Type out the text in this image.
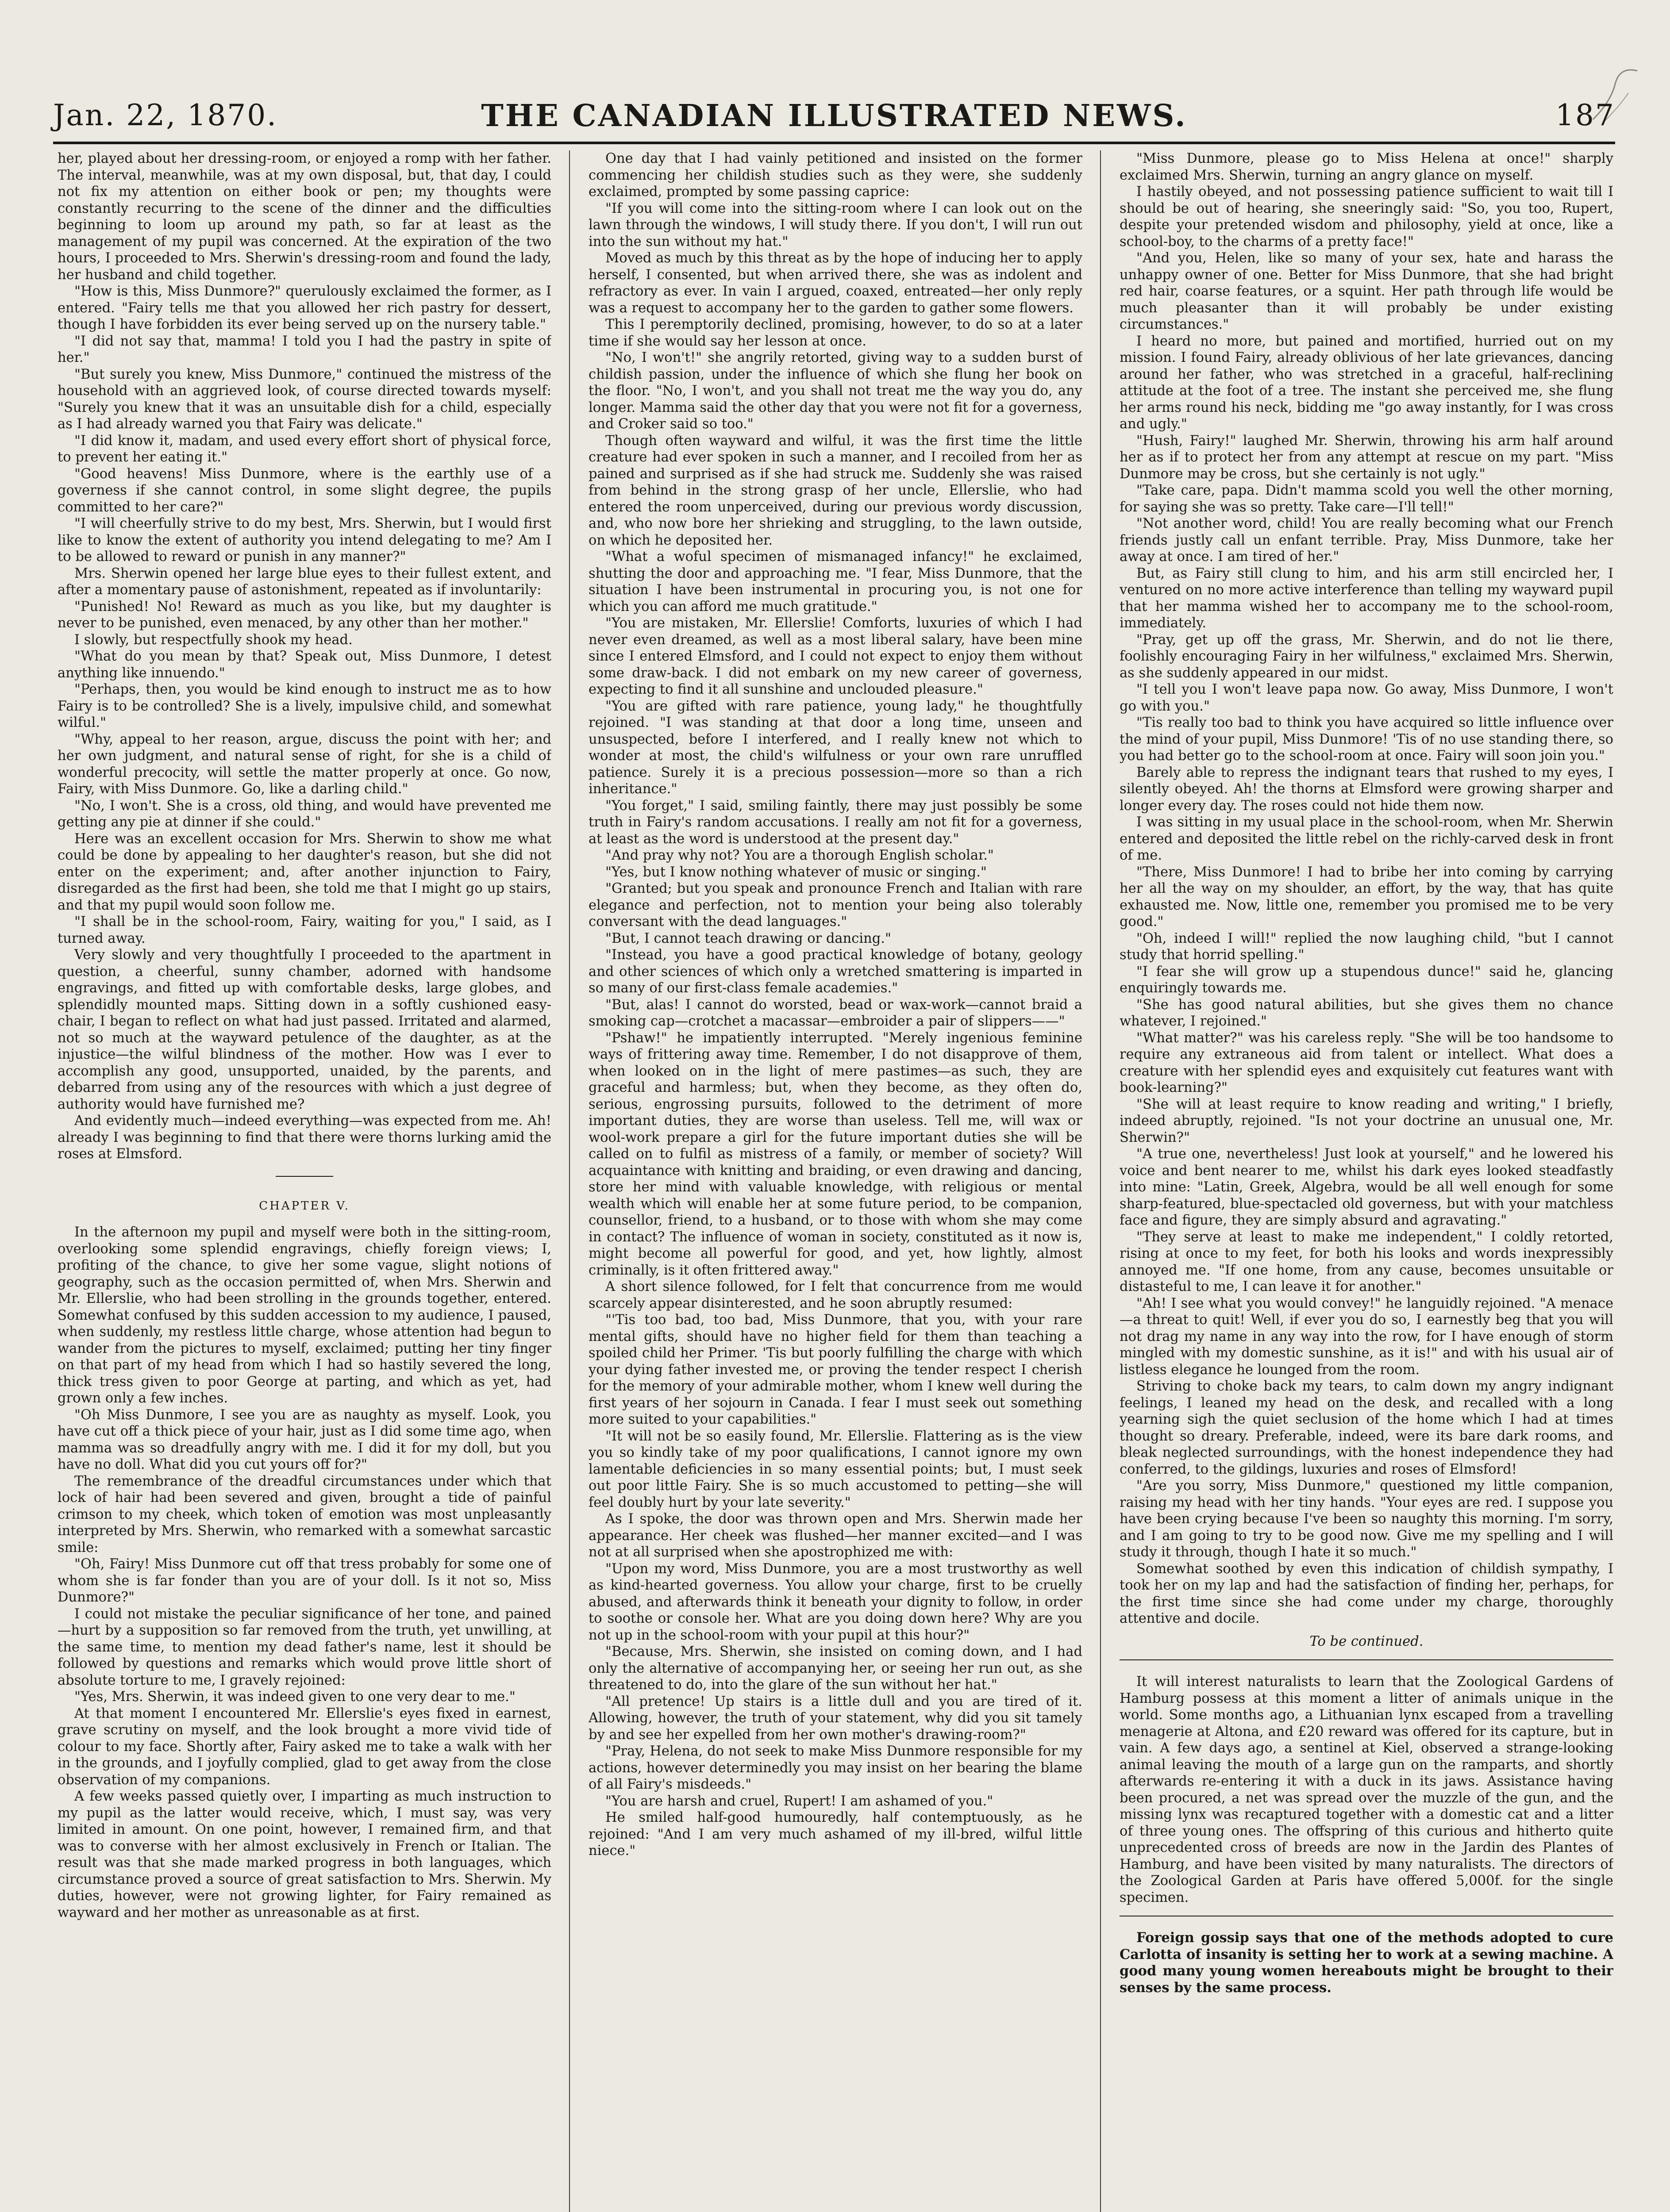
Jan. 22, 1870.	THE CANADIAN ILLUSTRATED NEWS.	187

her, played about her dressing-room, or enjoyed a romp with her father. The interval, meanwhile, was at my own disposal, but, that day, I could not fix my attention on either book or pen; my thoughts were constantly recurring to the scene of the dinner and the difficulties beginning to loom up around my path, so far at least as the management of my pupil was concerned. At the expiration of the two hours, I proceeded to Mrs. Sherwin's dressing-room and found the lady, her husband and child together.

"How is this, Miss Dunmore?" querulously exclaimed the former, as I entered. "Fairy tells me that you allowed her rich pastry for dessert, though I have forbidden its ever being served up on the nursery table."

"I did not say that, mamma! I told you I had the pastry in spite of her."

"But surely you knew, Miss Dunmore," continued the mistress of the household with an aggrieved look, of course directed towards myself: "Surely you knew that it was an unsuitable dish for a child, especially as I had already warned you that Fairy was delicate."

"I did know it, madam, and used every effort short of physical force, to prevent her eating it."

"Good heavens! Miss Dunmore, where is the earthly use of a governess if she cannot control, in some slight degree, the pupils committed to her care?"

"I will cheerfully strive to do my best, Mrs. Sherwin, but I would first like to know the extent of authority you intend delegating to me? Am I to be allowed to reward or punish in any manner?"

Mrs. Sherwin opened her large blue eyes to their fullest extent, and after a momentary pause of astonishment, repeated as if involuntarily:

"Punished! No! Reward as much as you like, but my daughter is never to be punished, even menaced, by any other than her mother."

I slowly, but respectfully shook my head.

"What do you mean by that? Speak out, Miss Dunmore, I detest anything like innuendo."

"Perhaps, then, you would be kind enough to instruct me as to how Fairy is to be controlled? She is a lively, impulsive child, and somewhat wilful."

"Why, appeal to her reason, argue, discuss the point with her; and her own judgment, and natural sense of right, for she is a child of wonderful precocity, will settle the matter properly at once. Go now, Fairy, with Miss Dunmore. Go, like a darling child."

"No, I won't. She is a cross, old thing, and would have prevented me getting any pie at dinner if she could."

Here was an excellent occasion for Mrs. Sherwin to show me what could be done by appealing to her daughter's reason, but she did not enter on the experiment; and, after another injunction to Fairy, disregarded as the first had been, she told me that I might go up stairs, and that my pupil would soon follow me.

"I shall be in the school-room, Fairy, waiting for you," I said, as I turned away.

Very slowly and very thoughtfully I proceeded to the apartment in question, a cheerful, sunny chamber, adorned with handsome engravings, and fitted up with comfortable desks, large globes, and splendidly mounted maps. Sitting down in a softly cushioned easy-chair, I began to reflect on what had just passed. Irritated and alarmed, not so much at the wayward petulence of the daughter, as at the injustice—the wilful blindness of the mother. How was I ever to accomplish any good, unsupported, unaided, by the parents, and debarred from using any of the resources with which a just degree of authority would have furnished me?

And evidently much—indeed everything—was expected from me. Ah! already I was beginning to find that there were thorns lurking amid the roses at Elmsford.

CHAPTER V.

In the afternoon my pupil and myself were both in the sitting-room, overlooking some splendid engravings, chiefly foreign views; I, profiting of the chance, to give her some vague, slight notions of geography, such as the occasion permitted of, when Mrs. Sherwin and Mr. Ellerslie, who had been strolling in the grounds together, entered. Somewhat confused by this sudden accession to my audience, I paused, when suddenly, my restless little charge, whose attention had begun to wander from the pictures to myself, exclaimed; putting her tiny finger on that part of my head from which I had so hastily severed the long, thick tress given to poor George at parting, and which as yet, had grown only a few inches.

"Oh Miss Dunmore, I see you are as naughty as myself. Look, you have cut off a thick piece of your hair, just as I did some time ago, when mamma was so dreadfully angry with me. I did it for my doll, but you have no doll. What did you cut yours off for?"

The remembrance of the dreadful circumstances under which that lock of hair had been severed and given, brought a tide of painful crimson to my cheek, which token of emotion was most unpleasantly interpreted by Mrs. Sherwin, who remarked with a somewhat sarcastic smile:

"Oh, Fairy! Miss Dunmore cut off that tress probably for some one of whom she is far fonder than you are of your doll. Is it not so, Miss Dunmore?"

I could not mistake the peculiar significance of her tone, and pained—hurt by a supposition so far removed from the truth, yet unwilling, at the same time, to mention my dead father's name, lest it should be followed by questions and remarks which would prove little short of absolute torture to me, I gravely rejoined:

"Yes, Mrs. Sherwin, it was indeed given to one very dear to me."

At that moment I encountered Mr. Ellerslie's eyes fixed in earnest, grave scrutiny on myself, and the look brought a more vivid tide of colour to my face. Shortly after, Fairy asked me to take a walk with her in the grounds, and I joyfully complied, glad to get away from the close observation of my companions.

A few weeks passed quietly over, I imparting as much instruction to my pupil as the latter would receive, which, I must say, was very limited in amount. On one point, however, I remained firm, and that was to converse with her almost exclusively in French or Italian. The result was that she made marked progress in both languages, which circumstance proved a source of great satisfaction to Mrs. Sherwin. My duties, however, were not growing lighter, for Fairy remained as wayward and her mother as unreasonable as at first.

One day that I had vainly petitioned and insisted on the former commencing her childish studies such as they were, she suddenly exclaimed, prompted by some passing caprice:

"If you will come into the sitting-room where I can look out on the lawn through the windows, I will study there. If you don't, I will run out into the sun without my hat."

Moved as much by this threat as by the hope of inducing her to apply herself, I consented, but when arrived there, she was as indolent and refractory as ever. In vain I argued, coaxed, entreated—her only reply was a request to accompany her to the garden to gather some flowers.

This I peremptorily declined, promising, however, to do so at a later time if she would say her lesson at once.

"No, I won't!" she angrily retorted, giving way to a sudden burst of childish passion, under the influence of which she flung her book on the floor. "No, I won't, and you shall not treat me the way you do, any longer. Mamma said the other day that you were not fit for a governess, and Croker said so too."

Though often wayward and wilful, it was the first time the little creature had ever spoken in such a manner, and I recoiled from her as pained and surprised as if she had struck me. Suddenly she was raised from behind in the strong grasp of her uncle, Ellerslie, who had entered the room unperceived, during our previous wordy discussion, and, who now bore her shrieking and struggling, to the lawn outside, on which he deposited her.

"What a woful specimen of mismanaged infancy!" he exclaimed, shutting the door and approaching me. "I fear, Miss Dunmore, that the situation I have been instrumental in procuring you, is not one for which you can afford me much gratitude."

"You are mistaken, Mr. Ellerslie! Comforts, luxuries of which I had never even dreamed, as well as a most liberal salary, have been mine since I entered Elmsford, and I could not expect to enjoy them without some draw-back. I did not embark on my new career of governess, expecting to find it all sunshine and unclouded pleasure."

"You are gifted with rare patience, young lady," he thoughtfully rejoined. "I was standing at that door a long time, unseen and unsuspected, before I interfered, and I really knew not which to wonder at most, the child's wilfulness or your own rare unruffled patience. Surely it is a precious possession—more so than a rich inheritance."

"You forget," I said, smiling faintly, there may just possibly be some truth in Fairy's random accusations. I really am not fit for a governess, at least as the word is understood at the present day."

"And pray why not? You are a thorough English scholar."

"Yes, but I know nothing whatever of music or singing."

"Granted; but you speak and pronounce French and Italian with rare elegance and perfection, not to mention your being also tolerably conversant with the dead languages."

"But, I cannot teach drawing or dancing."

"Instead, you have a good practical knowledge of botany, geology and other sciences of which only a wretched smattering is imparted in so many of our first-class female academies."

"But, alas! I cannot do worsted, bead or wax-work—cannot braid a smoking cap—crotchet a macassar—embroider a pair of slippers——"

"Pshaw!" he impatiently interrupted. "Merely ingenious feminine ways of frittering away time. Remember, I do not disapprove of them, when looked on in the light of mere pastimes—as such, they are graceful and harmless; but, when they become, as they often do, serious, engrossing pursuits, followed to the detriment of more important duties, they are worse than useless. Tell me, will wax or wool-work prepare a girl for the future important duties she will be called on to fulfil as mistress of a family, or member of society? Will acquaintance with knitting and braiding, or even drawing and dancing, store her mind with valuable knowledge, with religious or mental wealth which will enable her at some future period, to be companion, counsellor, friend, to a husband, or to those with whom she may come in contact? The influence of woman in society, constituted as it now is, might become all powerful for good, and yet, how lightly, almost criminally, is it often frittered away."

A short silence followed, for I felt that concurrence from me would scarcely appear disinterested, and he soon abruptly resumed:

"'Tis too bad, too bad, Miss Dunmore, that you, with your rare mental gifts, should have no higher field for them than teaching a spoiled child her Primer. 'Tis but poorly fulfilling the charge with which your dying father invested me, or proving the tender respect I cherish for the memory of your admirable mother, whom I knew well during the first years of her sojourn in Canada. I fear I must seek out something more suited to your capabilities."

"It will not be so easily found, Mr. Ellerslie. Flattering as is the view you so kindly take of my poor qualifications, I cannot ignore my own lamentable deficiencies in so many essential points; but, I must seek out poor little Fairy. She is so much accustomed to petting—she will feel doubly hurt by your late severity."

As I spoke, the door was thrown open and Mrs. Sherwin made her appearance. Her cheek was flushed—her manner excited—and I was not at all surprised when she apostrophized me with:

"Upon my word, Miss Dunmore, you are a most trustworthy as well as kind-hearted governess. You allow your charge, first to be cruelly abused, and afterwards think it beneath your dignity to follow, in order to soothe or console her. What are you doing down here? Why are you not up in the school-room with your pupil at this hour?"

"Because, Mrs. Sherwin, she insisted on coming down, and I had only the alternative of accompanying her, or seeing her run out, as she threatened to do, into the glare of the sun without her hat."

"All pretence! Up stairs is a little dull and you are tired of it. Allowing, however, the truth of your statement, why did you sit tamely by and see her expelled from her own mother's drawing-room?"

"Pray, Helena, do not seek to make Miss Dunmore responsible for my actions, however determinedly you may insist on her bearing the blame of all Fairy's misdeeds."

"You are harsh and cruel, Rupert! I am ashamed of you."

He smiled half-good humouredly, half contemptuously, as he rejoined: "And I am very much ashamed of my ill-bred, wilful little niece."

"Miss Dunmore, please go to Miss Helena at once!" sharply exclaimed Mrs. Sherwin, turning an angry glance on myself.

I hastily obeyed, and not possessing patience sufficient to wait till I should be out of hearing, she sneeringly said: "So, you too, Rupert, despite your pretended wisdom and philosophy, yield at once, like a school-boy, to the charms of a pretty face!"

"And you, Helen, like so many of your sex, hate and harass the unhappy owner of one. Better for Miss Dunmore, that she had bright red hair, coarse features, or a squint. Her path through life would be much pleasanter than it will probably be under existing circumstances."

I heard no more, but pained and mortified, hurried out on my mission. I found Fairy, already oblivious of her late grievances, dancing around her father, who was stretched in a graceful, half-reclining attitude at the foot of a tree. The instant she perceived me, she flung her arms round his neck, bidding me "go away instantly, for I was cross and ugly."

"Hush, Fairy!" laughed Mr. Sherwin, throwing his arm half around her as if to protect her from any attempt at rescue on my part. "Miss Dunmore may be cross, but she certainly is not ugly."

"Take care, papa. Didn't mamma scold you well the other morning, for saying she was so pretty. Take care—I'll tell!"

"Not another word, child! You are really becoming what our French friends justly call un enfant terrible. Pray, Miss Dunmore, take her away at once. I am tired of her."

But, as Fairy still clung to him, and his arm still encircled her, I ventured on no more active interference than telling my wayward pupil that her mamma wished her to accompany me to the school-room, immediately.

"Pray, get up off the grass, Mr. Sherwin, and do not lie there, foolishly encouraging Fairy in her wilfulness," exclaimed Mrs. Sherwin, as she suddenly appeared in our midst.

"I tell you I won't leave papa now. Go away, Miss Dunmore, I won't go with you."

"Tis really too bad to think you have acquired so little influence over the mind of your pupil, Miss Dunmore! 'Tis of no use standing there, so you had better go to the school-room at once. Fairy will soon join you."

Barely able to repress the indignant tears that rushed to my eyes, I silently obeyed. Ah! the thorns at Elmsford were growing sharper and longer every day. The roses could not hide them now.

I was sitting in my usual place in the school-room, when Mr. Sherwin entered and deposited the little rebel on the richly-carved desk in front of me.

"There, Miss Dunmore! I had to bribe her into coming by carrying her all the way on my shoulder, an effort, by the way, that has quite exhausted me. Now, little one, remember you promised me to be very good."

"Oh, indeed I will!" replied the now laughing child, "but I cannot study that horrid spelling."

"I fear she will grow up a stupendous dunce!" said he, glancing enquiringly towards me.

"She has good natural abilities, but she gives them no chance whatever, I rejoined."

"What matter?" was his careless reply. "She will be too handsome to require any extraneous aid from talent or intellect. What does a creature with her splendid eyes and exquisitely cut features want with book-learning?"

"She will at least require to know reading and writing," I briefly, indeed abruptly, rejoined. "Is not your doctrine an unusual one, Mr. Sherwin?"

"A true one, nevertheless! Just look at yourself," and he lowered his voice and bent nearer to me, whilst his dark eyes looked steadfastly into mine: "Latin, Greek, Algebra, would be all well enough for some sharp-featured, blue-spectacled old governess, but with your matchless face and figure, they are simply absurd and agravating."

"They serve at least to make me independent," I coldly retorted, rising at once to my feet, for both his looks and words inexpressibly annoyed me. "If one home, from any cause, becomes unsuitable or distasteful to me, I can leave it for another."

"Ah! I see what you would convey!" he languidly rejoined. "A menace—a threat to quit! Well, if ever you do so, I earnestly beg that you will not drag my name in any way into the row, for I have enough of storm mingled with my domestic sunshine, as it is!" and with his usual air of listless elegance he lounged from the room.

Striving to choke back my tears, to calm down my angry indignant feelings, I leaned my head on the desk, and recalled with a long yearning sigh the quiet seclusion of the home which I had at times thought so dreary. Preferable, indeed, were its bare dark rooms, and bleak neglected surroundings, with the honest independence they had conferred, to the gildings, luxuries and roses of Elmsford!

"Are you sorry, Miss Dunmore," questioned my little companion, raising my head with her tiny hands. "Your eyes are red. I suppose you have been crying because I've been so naughty this morning. I'm sorry, and I am going to try to be good now. Give me my spelling and I will study it through, though I hate it so much."

Somewhat soothed by even this indication of childish sympathy, I took her on my lap and had the satisfaction of finding her, perhaps, for the first time since she had come under my charge, thoroughly attentive and docile.

To be continued.

It will interest naturalists to learn that the Zoological Gardens of Hamburg possess at this moment a litter of animals unique in the world. Some months ago, a Lithuanian lynx escaped from a travelling menagerie at Altona, and £20 reward was offered for its capture, but in vain. A few days ago, a sentinel at Kiel, observed a strange-looking animal leaving the mouth of a large gun on the ramparts, and shortly afterwards re-entering it with a duck in its jaws. Assistance having been procured, a net was spread over the muzzle of the gun, and the missing lynx was recaptured together with a domestic cat and a litter of three young ones. The offspring of this curious and hitherto quite unprecedented cross of breeds are now in the Jardin des Plantes of Hamburg, and have been visited by many naturalists. The directors of the Zoological Garden at Paris have offered 5,000f. for the single specimen.

Foreign gossip says that one of the methods adopted to cure Carlotta of insanity is setting her to work at a sewing machine. A good many young women hereabouts might be brought to their senses by the same process.
